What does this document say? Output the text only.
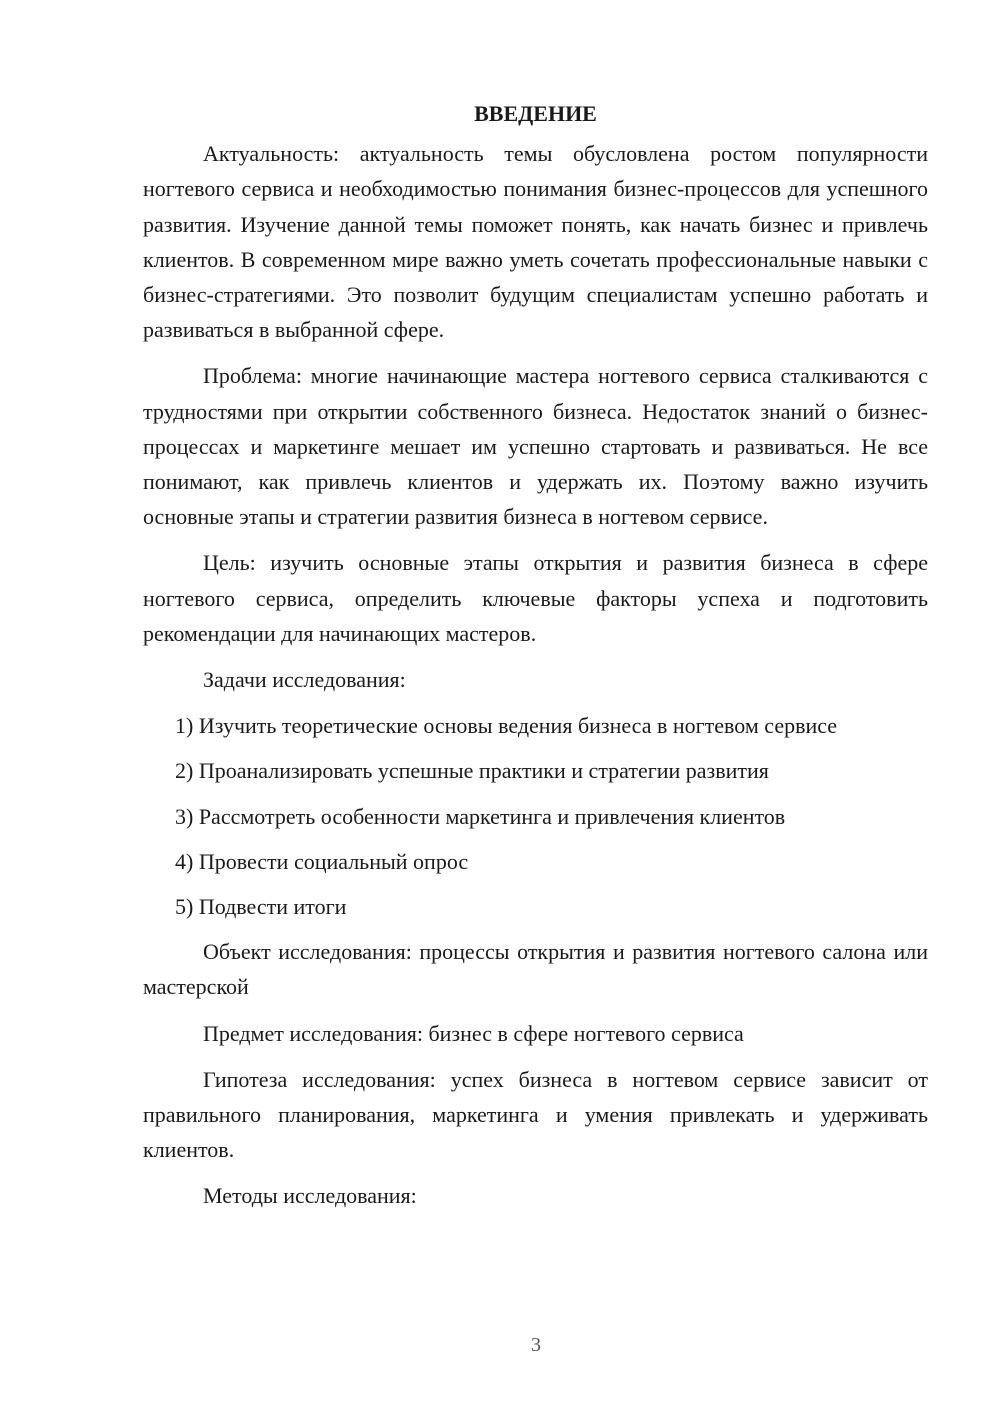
ВВЕДЕНИЕ

Актуальность: актуальность темы обусловлена ростом популярности ногтевого сервиса и необходимостью понимания бизнес-процессов для успешного развития. Изучение данной темы поможет понять, как начать бизнес и привлечь клиентов. В современном мире важно уметь сочетать профессиональные навыки с бизнес-стратегиями. Это позволит будущим специалистам успешно работать и развиваться в выбранной сфере.

Проблема: многие начинающие мастера ногтевого сервиса сталкиваются с трудностями при открытии собственного бизнеса. Недостаток знаний о бизнес-процессах и маркетинге мешает им успешно стартовать и развиваться. Не все понимают, как привлечь клиентов и удержать их. Поэтому важно изучить основные этапы и стратегии развития бизнеса в ногтевом сервисе.

Цель: изучить основные этапы открытия и развития бизнеса в сфере ногтевого сервиса, определить ключевые факторы успеха и подготовить рекомендации для начинающих мастеров.

Задачи исследования:

1) Изучить теоретические основы ведения бизнеса в ногтевом сервисе
2) Проанализировать успешные практики и стратегии развития
3) Рассмотреть особенности маркетинга и привлечения клиентов
4) Провести социальный опрос
5) Подвести итоги

Объект исследования: процессы открытия и развития ногтевого салона или мастерской

Предмет исследования: бизнес в сфере ногтевого сервиса

Гипотеза исследования: успех бизнеса в ногтевом сервисе зависит от правильного планирования, маркетинга и умения привлекать и удерживать клиентов.

Методы исследования:

3
